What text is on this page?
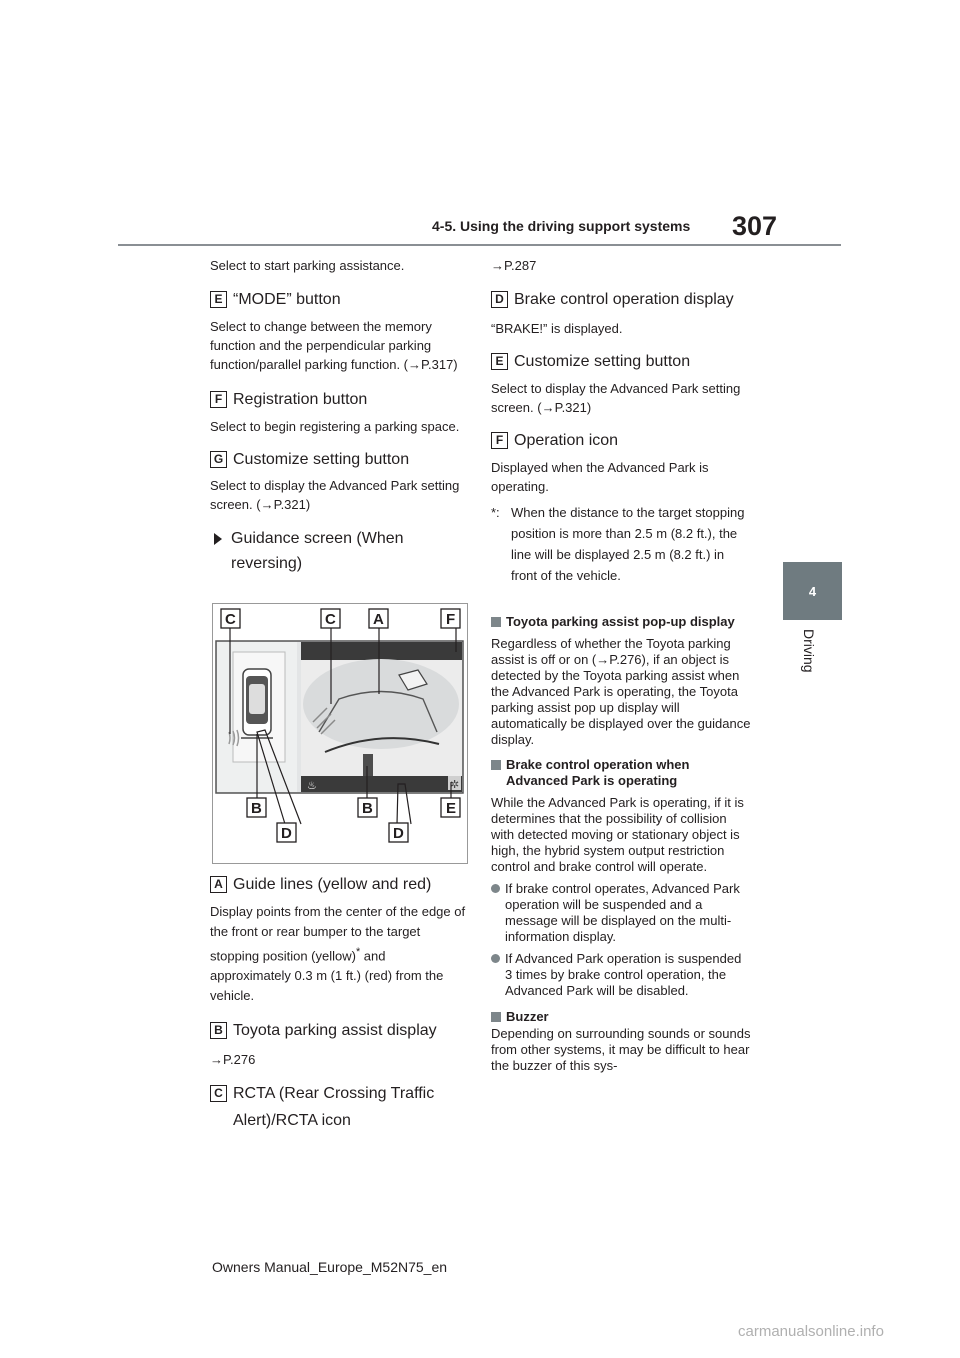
4-5. Using the driving support systems 307
4
Driving

Select to start parking assistance.

E “MODE” button

Select to change between the memory function and the perpendicular parking function/parallel parking function. (→P.317)

F Registration button

Select to begin registering a parking space.

G Customize setting button

Select to display the Advanced Park setting screen. (→P.321)

Guidance screen (When reversing)
♨	✲
C	C A	F
B	B	E
D	D
A Guide lines (yellow and red)

Display points from the center of the edge of the front or rear bumper to the target stopping position (yellow)* and approximately 0.3 m (1 ft.) (red) from the vehicle.

B Toyota parking assist display

→P.276

C RCTA (Rear Crossing Traffic Alert)/RCTA icon

→P.287

D Brake control operation display

“BRAKE!” is displayed.

E Customize setting button

Select to display the Advanced Park setting screen. (→P.321)

F Operation icon

Displayed when the Advanced Park is operating.

*: When the distance to the target stopping position is more than 2.5 m (8.2 ft.), the line will be displayed 2.5 m (8.2 ft.) in front of the vehicle.
Toyota parking assist pop-up display

Regardless of whether the Toyota parking assist is off or on (→P.276), if an object is detected by the Toyota parking assist when the Advanced Park is operating, the Toyota parking assist pop up display will automatically be displayed over the guidance display.

Brake control operation when Advanced Park is operating

While the Advanced Park is operating, if it is determines that the possibility of collision with detected moving or stationary object is high, the hybrid system output restriction control and brake control will operate.

If brake control operates, Advanced Park operation will be suspended and a message will be displayed on the multi-information display.
If Advanced Park operation is suspended 3 times by brake control operation, the Advanced Park will be disabled.
Buzzer

Depending on surrounding sounds or sounds from other systems, it may be difficult to hear the buzzer of this sys-

Owners Manual_Europe_M52N75_en
carmanualsonline.info
